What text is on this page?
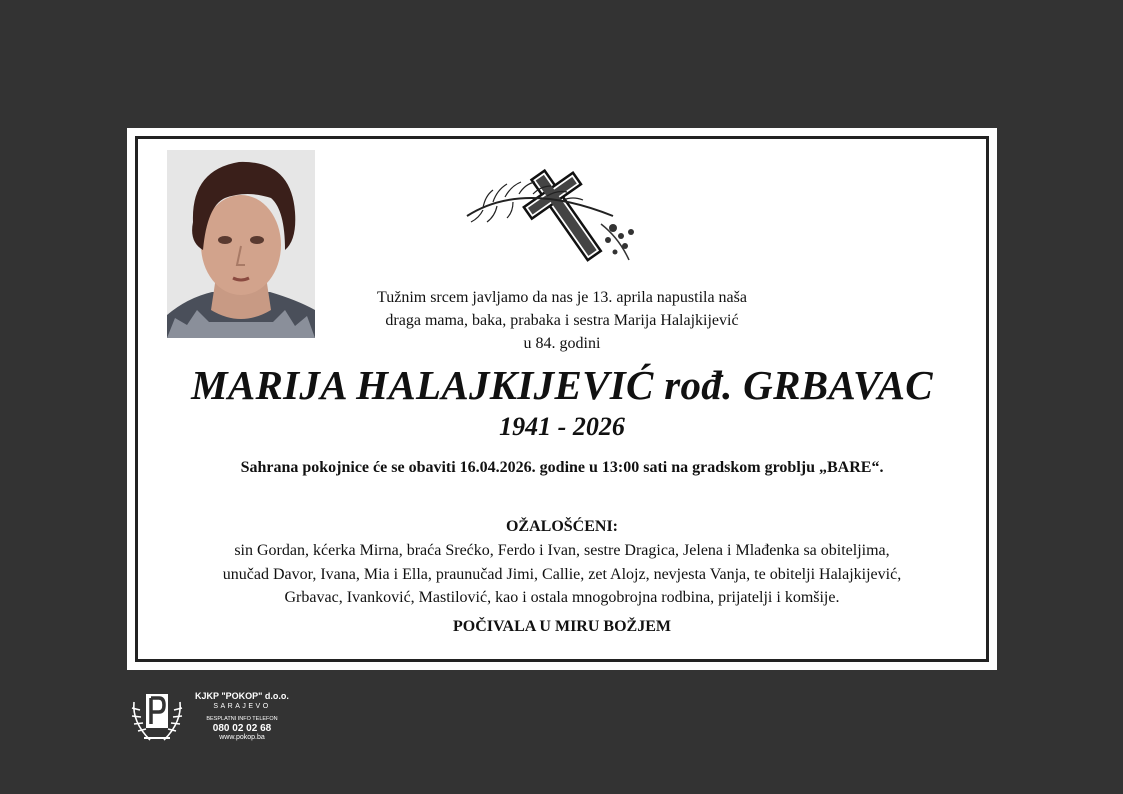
Tužnim srcem javljamo da nas je 13. aprila napustila naša
draga mama, baka, prabaka i sestra Marija Halajkijević
u 84. godini
MARIJA HALAJKIJEVIĆ rođ. GRBAVAC
1941 - 2026
Sahrana pokojnice će se obaviti 16.04.2026. godine u 13:00 sati na gradskom groblju „BARE“.
OŽALOŠĆENI:
sin Gordan, kćerka Mirna, braća Srećko, Ferdo i Ivan, sestre Dragica, Jelena i Mlađenka sa obiteljima,
unučad Davor, Ivana, Mia i Ella, praunučad Jimi, Callie, zet Alojz, nevjesta Vanja, te obitelji Halajkijević,
Grbavac, Ivanković, Mastilović, kao i ostala mnogobrojna rodbina, prijatelji i komšije.
POČIVALA U MIRU BOŽJEM
KJKP "POKOP" d.o.o.
SARAJEVO
BESPLATNI INFO TELEFON
080 02 02 68
www.pokop.ba
